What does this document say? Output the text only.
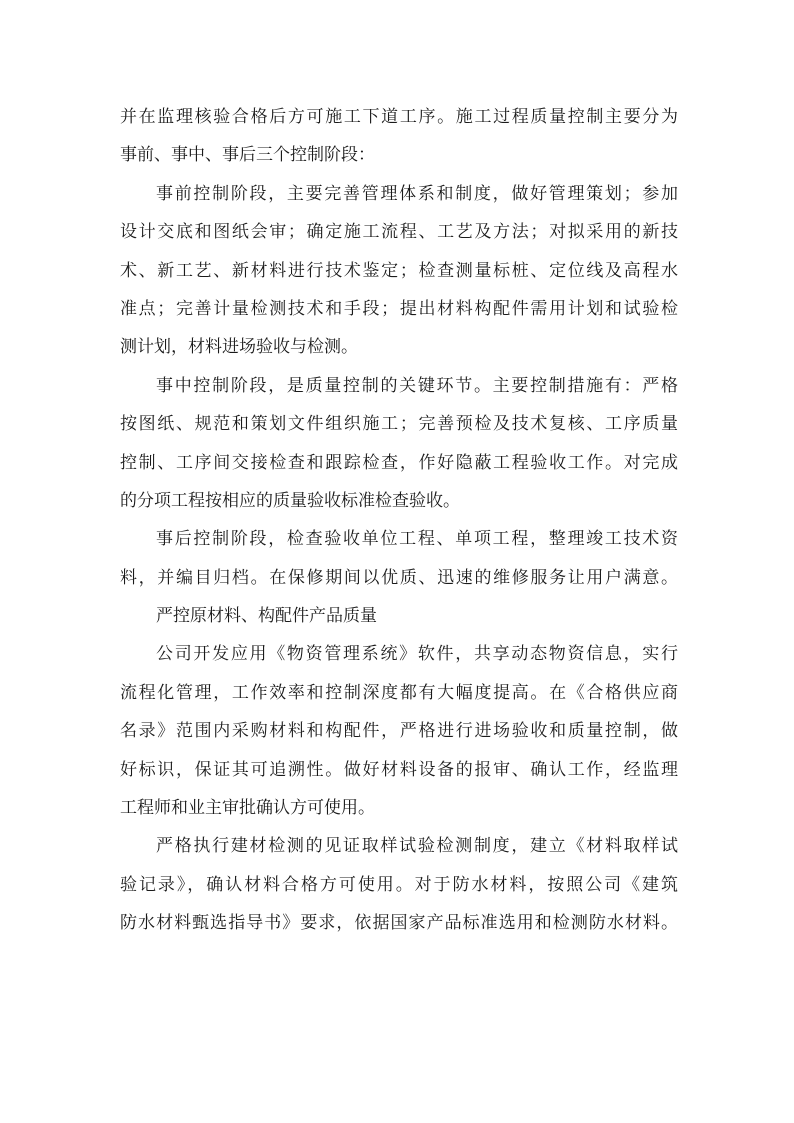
并在监理核验合格后方可施工下道工序。施工过程质量控制主要分为
事前、事中、事后三个控制阶段：
事前控制阶段，主要完善管理体系和制度，做好管理策划；参加
设计交底和图纸会审；确定施工流程、工艺及方法；对拟采用的新技
术、新工艺、新材料进行技术鉴定；检查测量标桩、定位线及高程水
准点；完善计量检测技术和手段；提出材料构配件需用计划和试验检
测计划，材料进场验收与检测。
事中控制阶段，是质量控制的关键环节。主要控制措施有：严格
按图纸、规范和策划文件组织施工；完善预检及技术复核、工序质量
控制、工序间交接检查和跟踪检查，作好隐蔽工程验收工作。对完成
的分项工程按相应的质量验收标准检查验收。
事后控制阶段，检查验收单位工程、单项工程，整理竣工技术资
料，并编目归档。在保修期间以优质、迅速的维修服务让用户满意。
严控原材料、构配件产品质量
公司开发应用《物资管理系统》软件，共享动态物资信息，实行
流程化管理，工作效率和控制深度都有大幅度提高。在《合格供应商
名录》范围内采购材料和构配件，严格进行进场验收和质量控制，做
好标识，保证其可追溯性。做好材料设备的报审、确认工作，经监理
工程师和业主审批确认方可使用。
严格执行建材检测的见证取样试验检测制度，建立《材料取样试
验记录》，确认材料合格方可使用。对于防水材料，按照公司《建筑
防水材料甄选指导书》要求，依据国家产品标准选用和检测防水材料。
